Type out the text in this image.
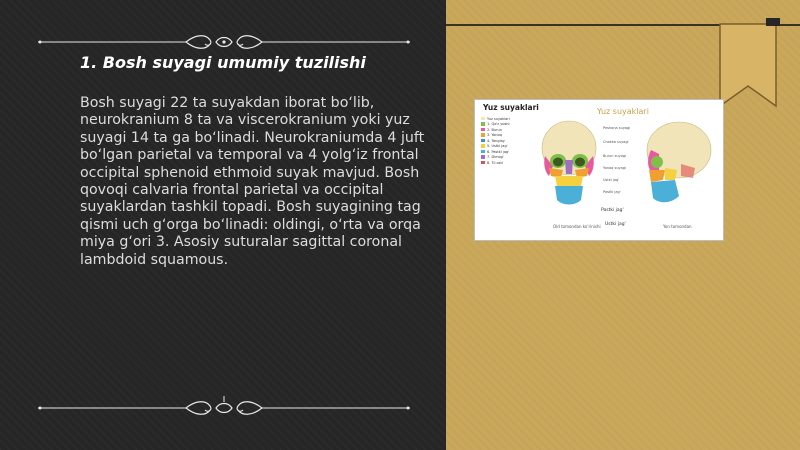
1. Bosh suyagi umumiy tuzilishi
Bosh suyagi 22 ta suyakdan iborat bo‘lib, neurokranium 8 ta va viscerokranium yoki yuz suyagi 14 ta ga bo‘linadi. Neurokraniumda 4 juft bo‘lgan parietal va temporal va 4 yolg‘iz frontal occipital sphenoid ethmoid suyak mavjud. Bosh qovoqi calvaria frontal parietal va occipital suyaklardan tashkil topadi. Bosh suyagining tag qismi uch g‘orga bo‘linadi: oldingi, o‘rta va orqa miya g‘ori 3. Asosiy suturalar sagittal coronal lambdoid squamous.
Yuz suyaklari	Yuz suyaklari
Yuz suyaklari
1. Qo'z yoshi
2. Burun
3. Yonoq
4. Tanglay
5. Ustki jag'
6. Pastki jag'
7. Dimog'
8. Til osti
Peshona suyagi
Chakka suyagi
Burun suyagi
Yonoq suyagi
Ustki jag'
Pastki jag'
Pastki jag'
Ustki jag'
Old tomondan ko'rinishi	Yon tomondan
